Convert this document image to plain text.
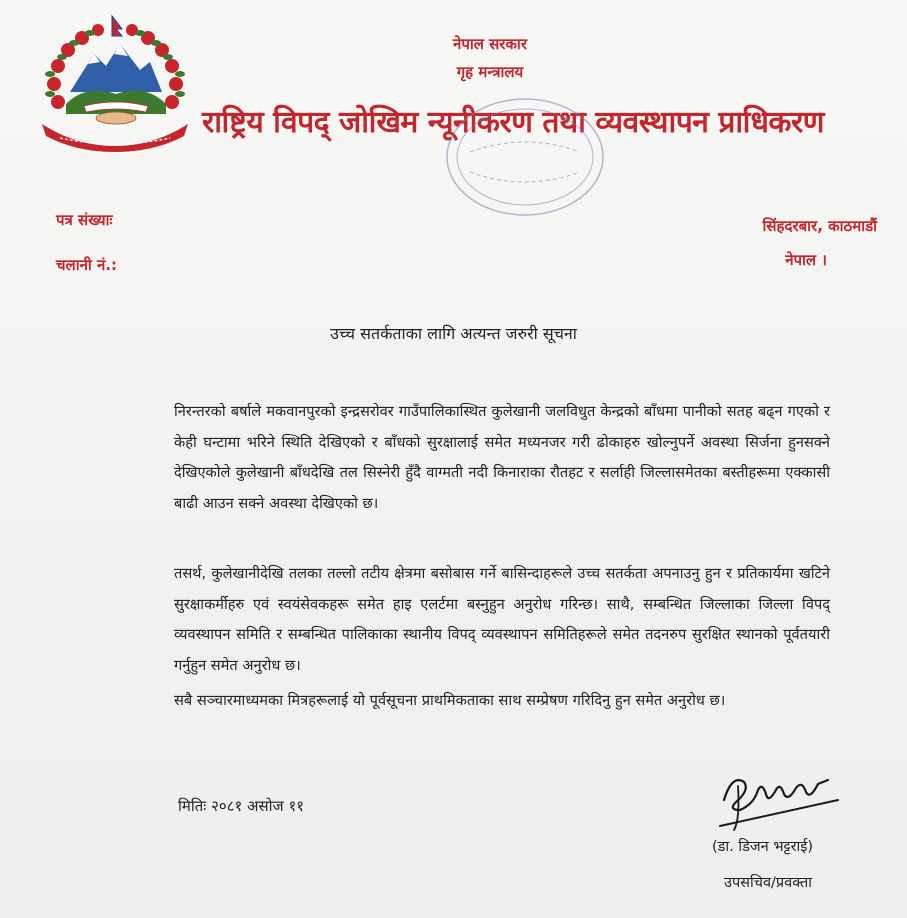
नेपाल सरकार
गृह मन्त्रालय
राष्ट्रिय विपद् जोखिम न्यूनीकरण तथा व्यवस्थापन प्राधिकरण
पत्र संख्याः
चलानी नं.:
सिंहदरबार, काठमाडौं
नेपाल ।
उच्च सतर्कताका लागि अत्यन्त जरुरी सूचना
निरन्तरको बर्षाले मकवानपुरको इन्द्रसरोवर गाउँपालिकास्थित कुलेखानी जलविधुत केन्द्रको बाँधमा पानीको सतह बढ्न गएको र केही घन्टामा भरिने स्थिति देखिएको र बाँधको सुरक्षालाई समेत मध्यनजर गरी ढोकाहरु खोल्नुपर्ने अवस्था सिर्जना हुनसक्ने देखिएकोले कुलेखानी बाँधदेखि तल सिस्नेरी हुँदै वाग्मती नदी किनाराका रौतहट र सर्लाही जिल्लासमेतका बस्तीहरूमा एक्कासी बाढी आउन सक्ने अवस्था देखिएको छ।
तसर्थ, कुलेखानीदेखि तलका तल्लो तटीय क्षेत्रमा बसोबास गर्ने बासिन्दाहरूले उच्च सतर्कता अपनाउनु हुन र प्रतिकार्यमा खटिने सुरक्षाकर्मीहरु एवं स्वयंसेवकहरू समेत हाइ एलर्टमा बस्नुहुन अनुरोध गरिन्छ। साथै, सम्बन्धित जिल्लाका जिल्ला विपद् व्यवस्थापन समिति र सम्बन्धित पालिकाका स्थानीय विपद् व्यवस्थापन समितिहरूले समेत तदनरुप सुरक्षित स्थानको पूर्वतयारी गर्नुहुन समेत अनुरोध छ।
सबै सञ्चारमाध्यमका मित्रहरूलाई यो पूर्वसूचना प्राथमिकताका साथ सम्प्रेषण गरिदिनु हुन समेत अनुरोध छ।
मितिः २०८१ असोज ११
(डा. डिजन भट्टराई)
उपसचिव/प्रवक्ता
